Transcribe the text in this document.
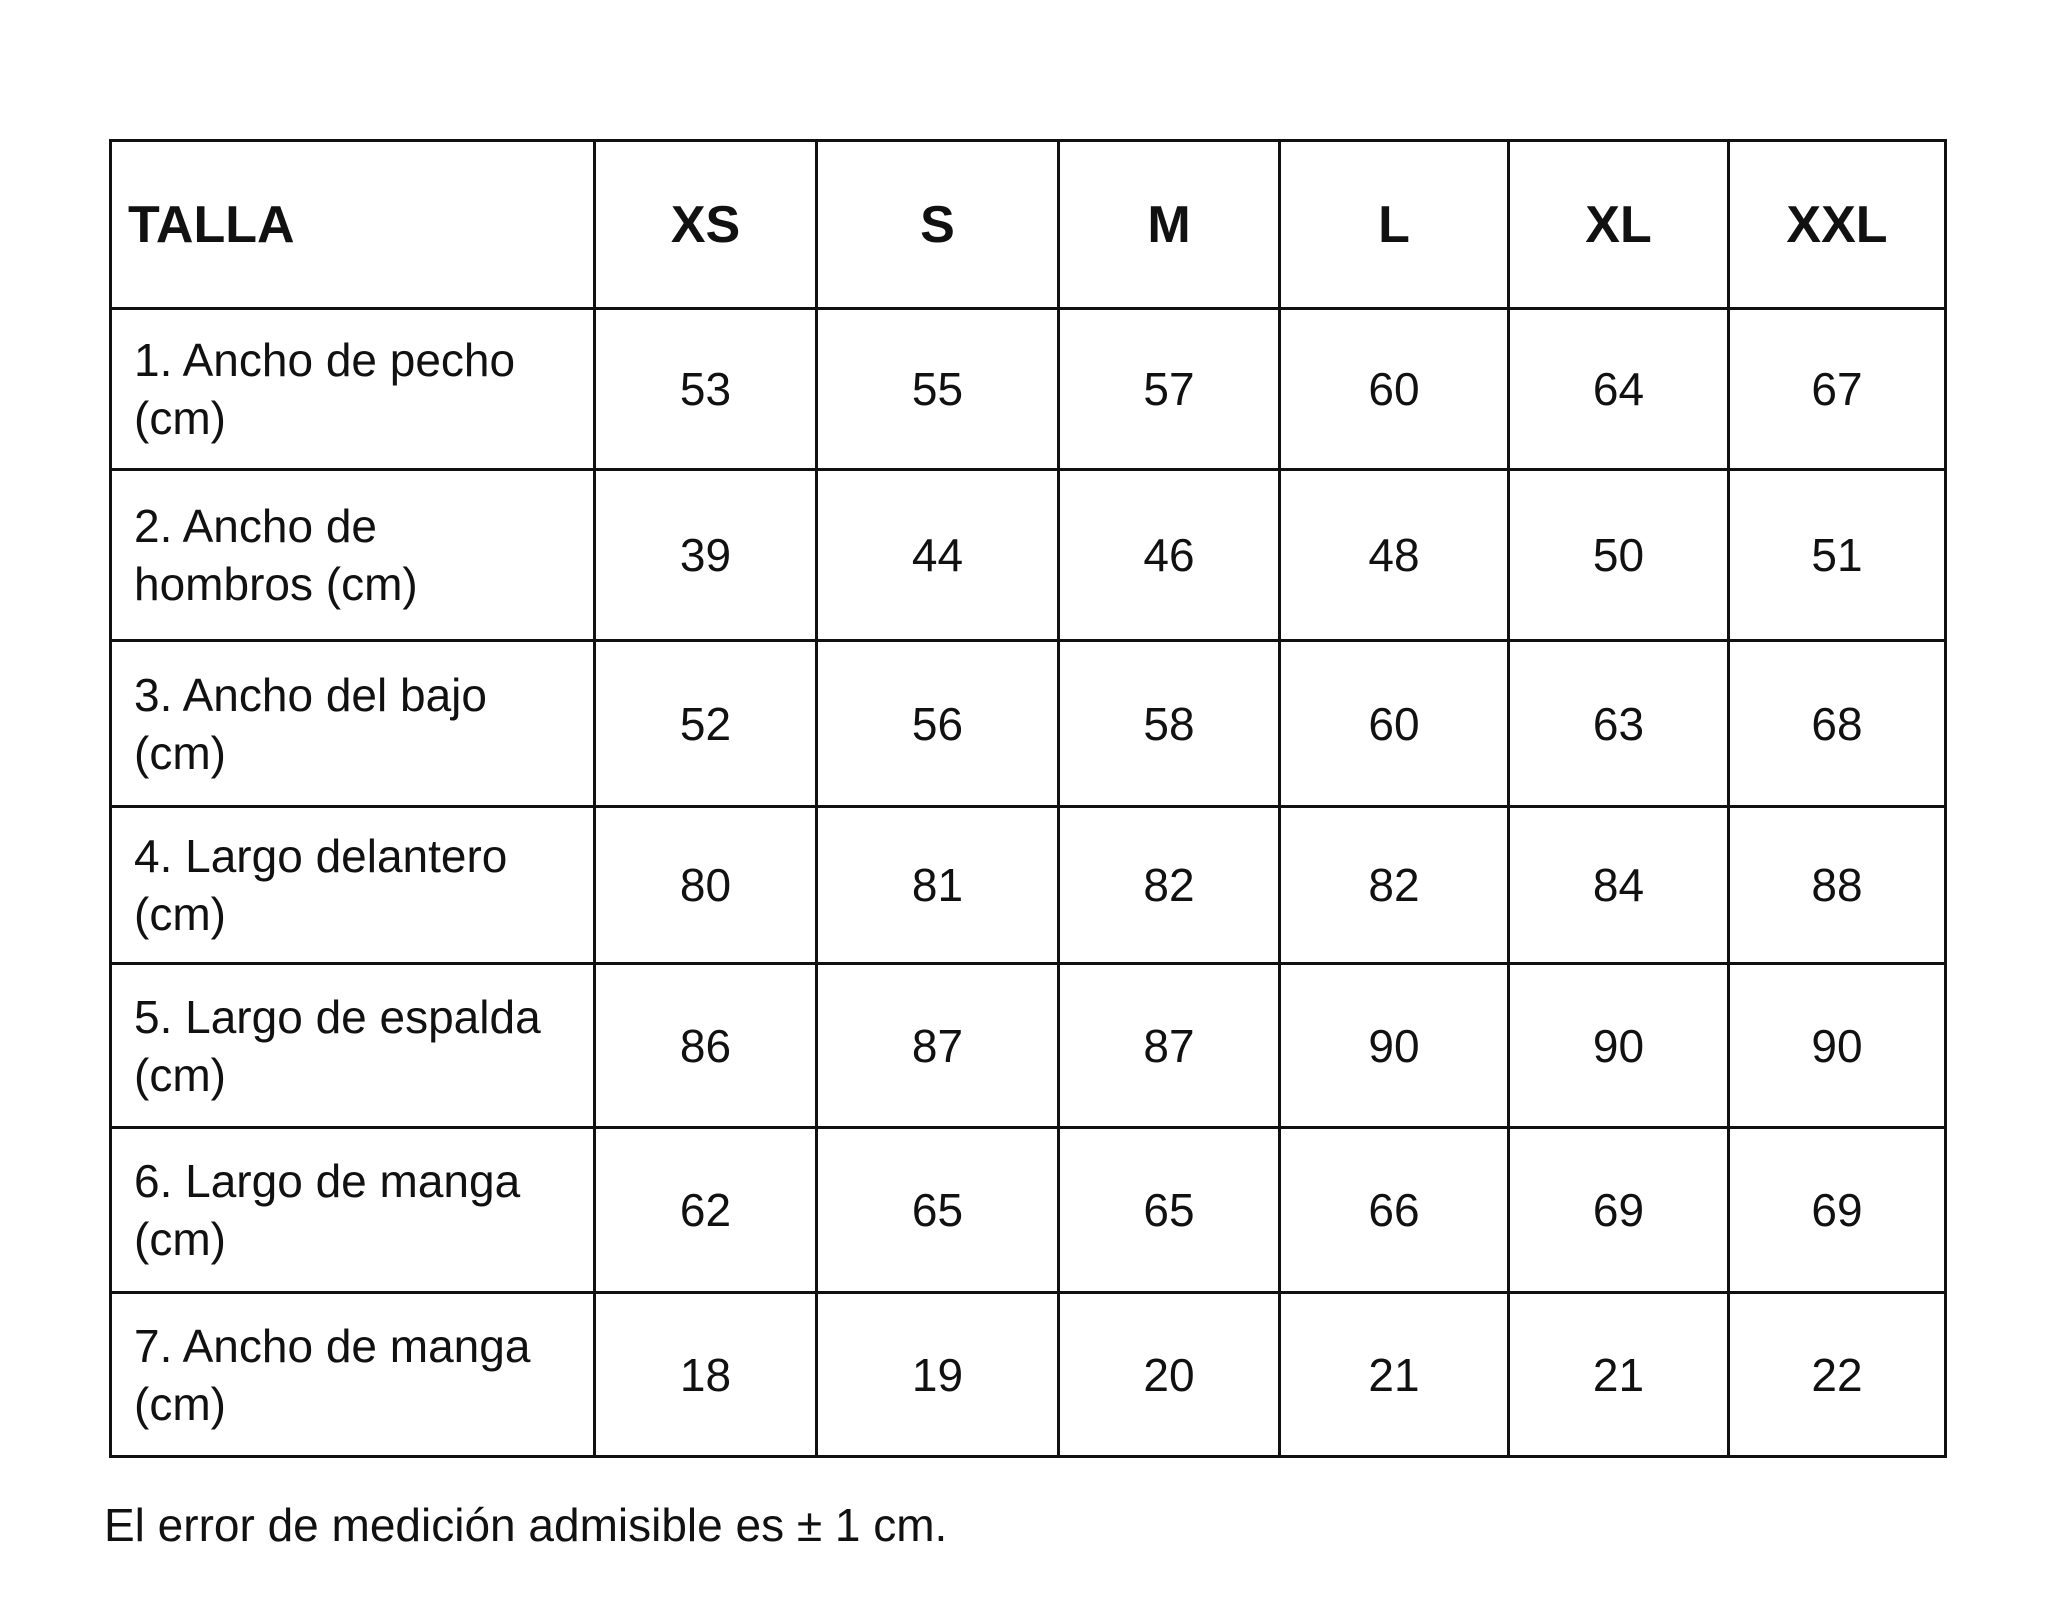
TALLA	XS	S	M	L	XL	XXL
1. Ancho de pecho
(cm)	53	55	57	60	64	67
2. Ancho de
hombros (cm)	39	44	46	48	50	51
3. Ancho del bajo
(cm)	52	56	58	60	63	68
4. Largo delantero
(cm)	80	81	82	82	84	88
5. Largo de espalda
(cm)	86	87	87	90	90	90
6. Largo de manga
(cm)	62	65	65	66	69	69
7. Ancho de manga
(cm)	18	19	20	21	21	22
El error de medición admisible es ± 1 cm.
